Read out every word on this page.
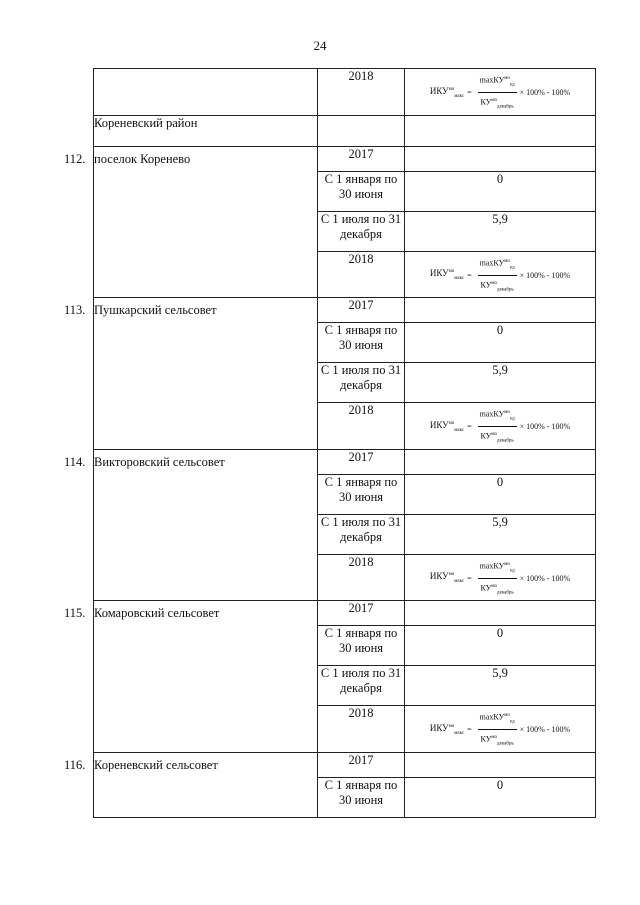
24
	2018	$ИКУ^{мо}_{макс} = \frac{\max КУ^{мо}_{ед}}{КУ^{мо}_{декабрь}} \times 100\% - 100\%$

Кореневский район		

112. поселок Коренево	2017	
	С 1 января по 30 июня	0
	С 1 июля по 31 декабря	5,9
	2018	$ИКУ^{мо}_{макс} = \frac{\max КУ^{мо}_{ед}}{КУ^{мо}_{декабрь}} \times 100\% - 100\%$

113. Пушкарский сельсовет	2017	
	С 1 января по 30 июня	0
	С 1 июля по 31 декабря	5,9
	2018	$ИКУ^{мо}_{макс} = \frac{\max КУ^{мо}_{ед}}{КУ^{мо}_{декабрь}} \times 100\% - 100\%$

114. Викторовский сельсовет	2017	
	С 1 января по 30 июня	0
	С 1 июля по 31 декабря	5,9
	2018	$ИКУ^{мо}_{макс} = \frac{\max КУ^{мо}_{ед}}{КУ^{мо}_{декабрь}} \times 100\% - 100\%$

115. Комаровский сельсовет	2017	
	С 1 января по 30 июня	0
	С 1 июля по 31 декабря	5,9
	2018	$ИКУ^{мо}_{макс} = \frac{\max КУ^{мо}_{ед}}{КУ^{мо}_{декабрь}} \times 100\% - 100\%$

116. Кореневский сельсовет	2017	
	С 1 января по 30 июня	0
